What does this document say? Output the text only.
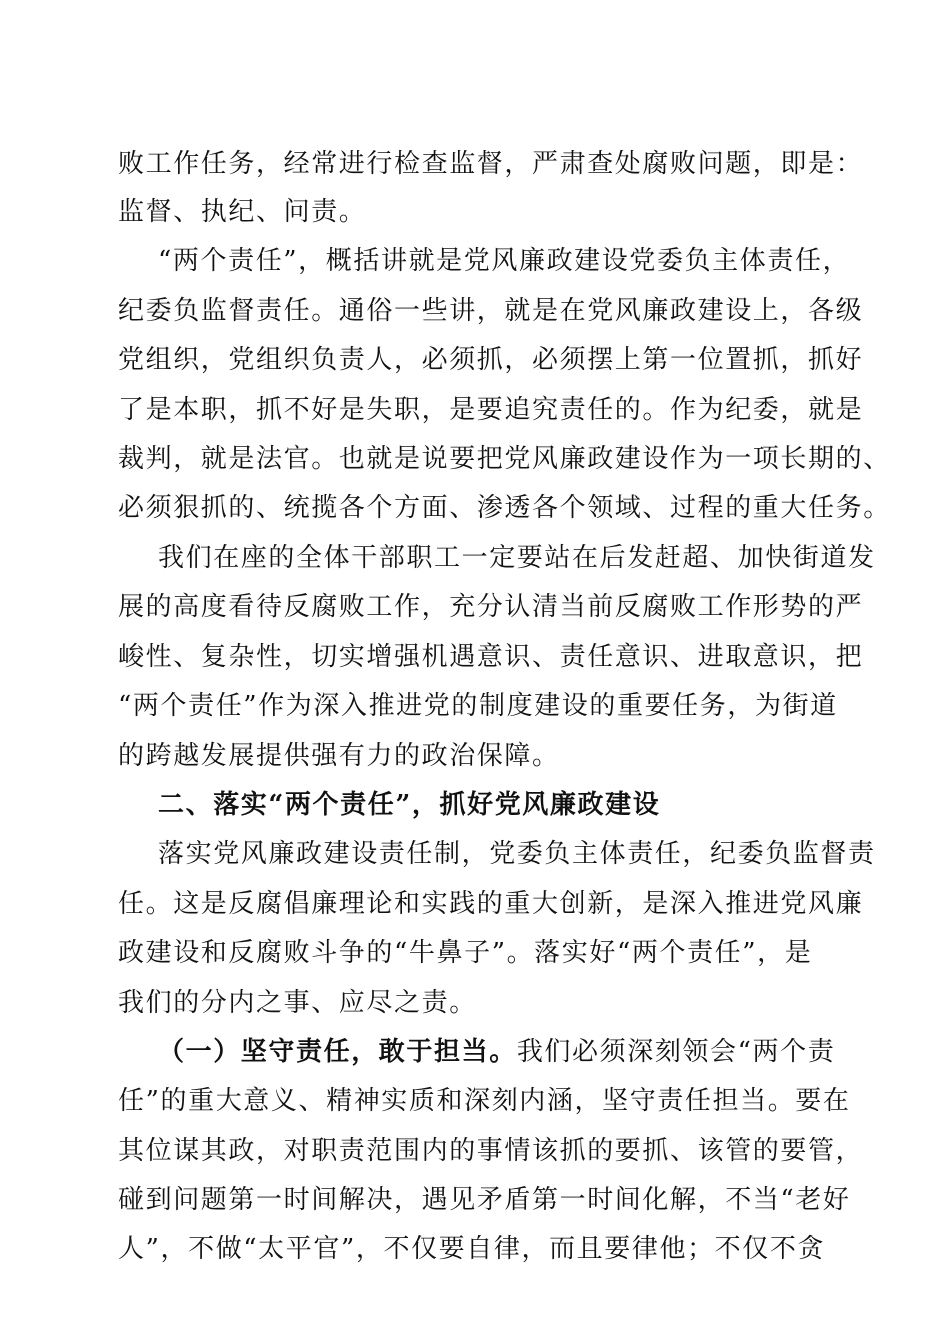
败工作任务，经常进行检查监督，严肃查处腐败问题，即是：
监督、执纪、问责。
“两个责任”，概括讲就是党风廉政建设党委负主体责任，
纪委负监督责任。通俗一些讲，就是在党风廉政建设上，各级
党组织，党组织负责人，必须抓，必须摆上第一位置抓，抓好
了是本职，抓不好是失职，是要追究责任的。作为纪委，就是
裁判，就是法官。也就是说要把党风廉政建设作为一项长期的、
必须狠抓的、统揽各个方面、渗透各个领域、过程的重大任务。
我们在座的全体干部职工一定要站在后发赶超、加快街道发
展的高度看待反腐败工作，充分认清当前反腐败工作形势的严
峻性、复杂性，切实增强机遇意识、责任意识、进取意识，把
“两个责任”作为深入推进党的制度建设的重要任务，为街道
的跨越发展提供强有力的政治保障。
二、落实“两个责任”，抓好党风廉政建设
落实党风廉政建设责任制，党委负主体责任，纪委负监督责
任。这是反腐倡廉理论和实践的重大创新，是深入推进党风廉
政建设和反腐败斗争的“牛鼻子”。落实好“两个责任”，是
我们的分内之事、应尽之责。
（一）坚守责任，敢于担当。我们必须深刻领会“两个责
任”的重大意义、精神实质和深刻内涵，坚守责任担当。要在
其位谋其政，对职责范围内的事情该抓的要抓、该管的要管，
碰到问题第一时间解决，遇见矛盾第一时间化解，不当“老好
人”，不做“太平官”，不仅要自律，而且要律他；不仅不贪
